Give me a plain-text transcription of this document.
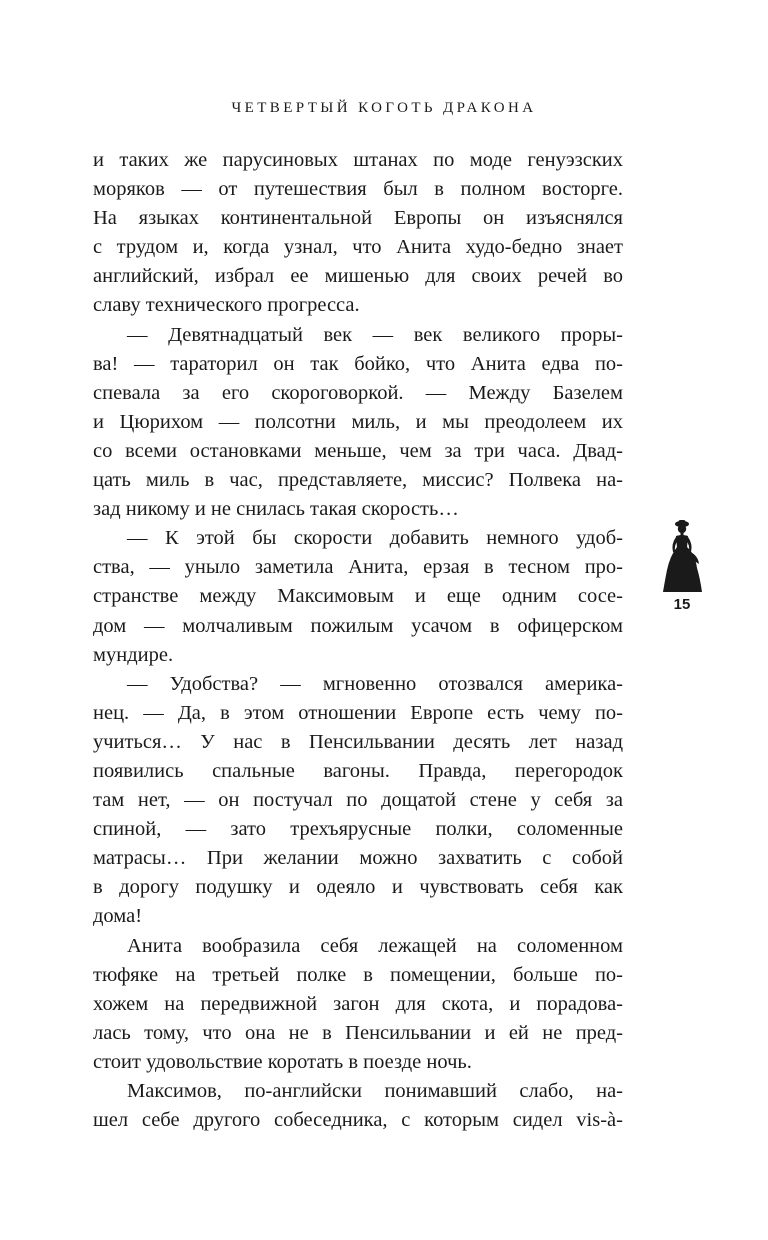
ЧЕТВЕРТЫЙ КОГОТЬ ДРАКОНА
и таких же парусиновых штанах по моде генуэзских
моряков — от путешествия был в полном восторге.
На языках континентальной Европы он изъяснялся
с трудом и, когда узнал, что Анита худо-бедно знает
английский, избрал ее мишенью для своих речей во
славу технического прогресса.
— Девятнадцатый век — век великого проры-
ва! — тараторил он так бойко, что Анита едва по-
спевала за его скороговоркой. — Между Базелем
и Цюрихом — полсотни миль, и мы преодолеем их
со всеми остановками меньше, чем за три часа. Двад-
цать миль в час, представляете, миссис? Полвека на-
зад никому и не снилась такая скорость…
— К этой бы скорости добавить немного удоб-
ства, — уныло заметила Анита, ерзая в тесном про-
странстве между Максимовым и еще одним сосе-
дом — молчаливым пожилым усачом в офицерском
мундире.
— Удобства? — мгновенно отозвался америка-
нец. — Да, в этом отношении Европе есть чему по-
учиться… У нас в Пенсильвании десять лет назад
появились спальные вагоны. Правда, перегородок
там нет, — он постучал по дощатой стене у себя за
спиной, — зато трехъярусные полки, соломенные
матрасы… При желании можно захватить с собой
в дорогу подушку и одеяло и чувствовать себя как
дома!
Анита вообразила себя лежащей на соломенном
тюфяке на третьей полке в помещении, больше по-
хожем на передвижной загон для скота, и порадова-
лась тому, что она не в Пенсильвании и ей не пред-
стоит удовольствие коротать в поезде ночь.
Максимов, по-английски понимавший слабо, на-
шел себе другого собеседника, с которым сидел vis-à-
15
